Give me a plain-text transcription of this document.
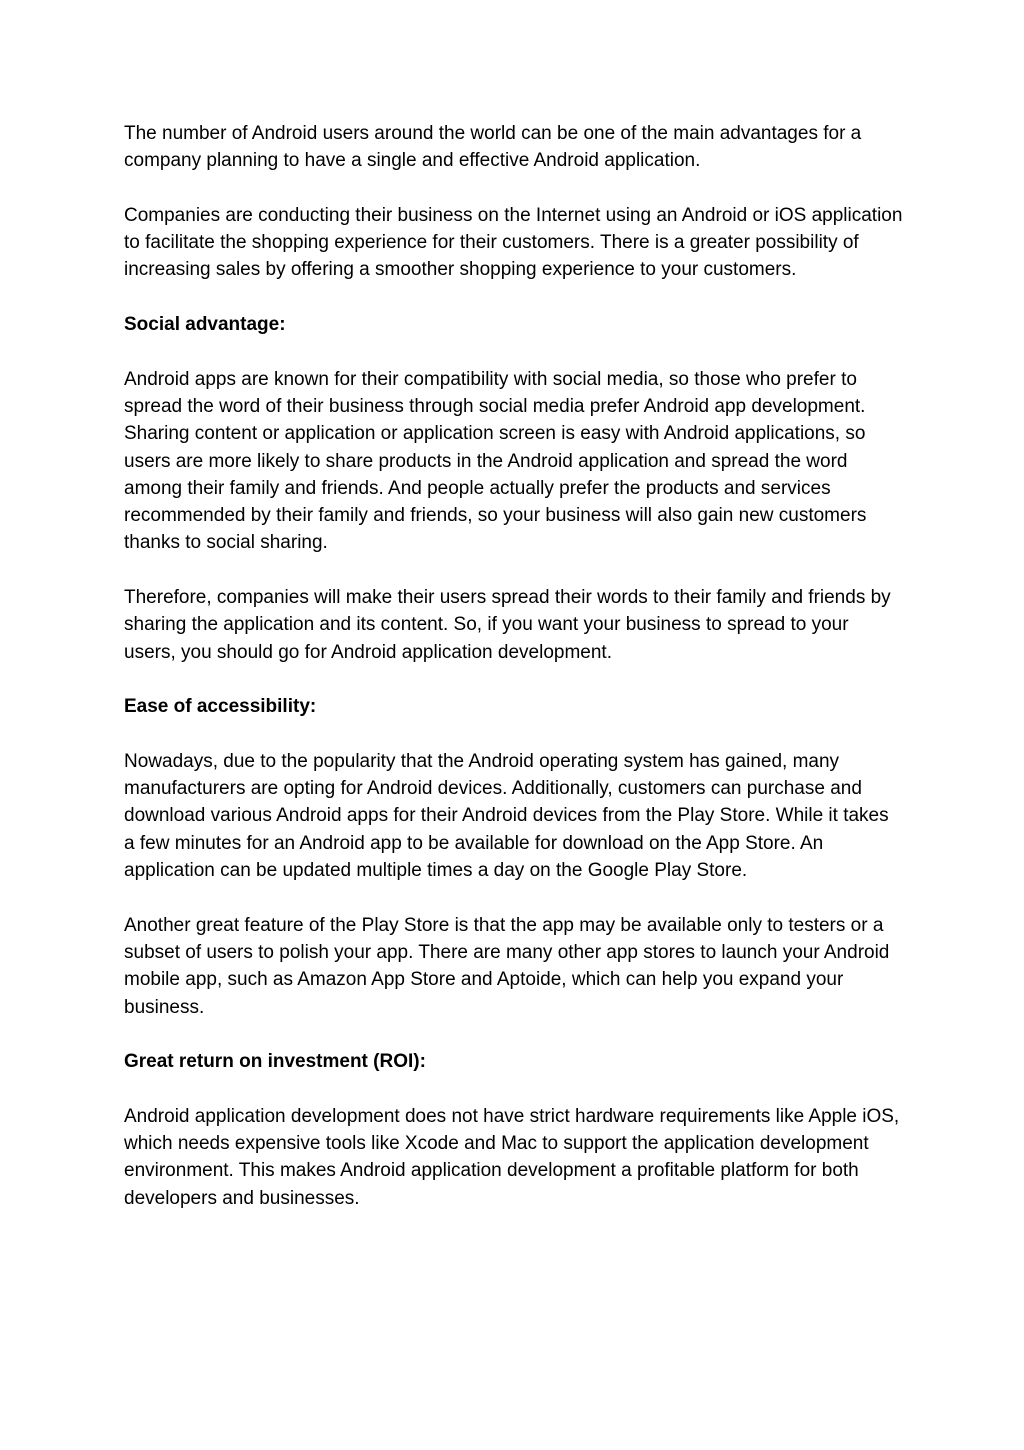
The number of Android users around the world can be one of the main advantages for a company planning to have a single and effective Android application.

Companies are conducting their business on the Internet using an Android or iOS application to facilitate the shopping experience for their customers. There is a greater possibility of increasing sales by offering a smoother shopping experience to your customers.

Social advantage:

Android apps are known for their compatibility with social media, so those who prefer to spread the word of their business through social media prefer Android app development. Sharing content or application or application screen is easy with Android applications, so users are more likely to share products in the Android application and spread the word among their family and friends. And people actually prefer the products and services recommended by their family and friends, so your business will also gain new customers thanks to social sharing.

Therefore, companies will make their users spread their words to their family and friends by sharing the application and its content. So, if you want your business to spread to your users, you should go for Android application development.

Ease of accessibility:

Nowadays, due to the popularity that the Android operating system has gained, many manufacturers are opting for Android devices. Additionally, customers can purchase and download various Android apps for their Android devices from the Play Store. While it takes a few minutes for an Android app to be available for download on the App Store. An application can be updated multiple times a day on the Google Play Store.

Another great feature of the Play Store is that the app may be available only to testers or a subset of users to polish your app. There are many other app stores to launch your Android mobile app, such as Amazon App Store and Aptoide, which can help you expand your business.

Great return on investment (ROI):

Android application development does not have strict hardware requirements like Apple iOS, which needs expensive tools like Xcode and Mac to support the application development environment. This makes Android application development a profitable platform for both developers and businesses.
